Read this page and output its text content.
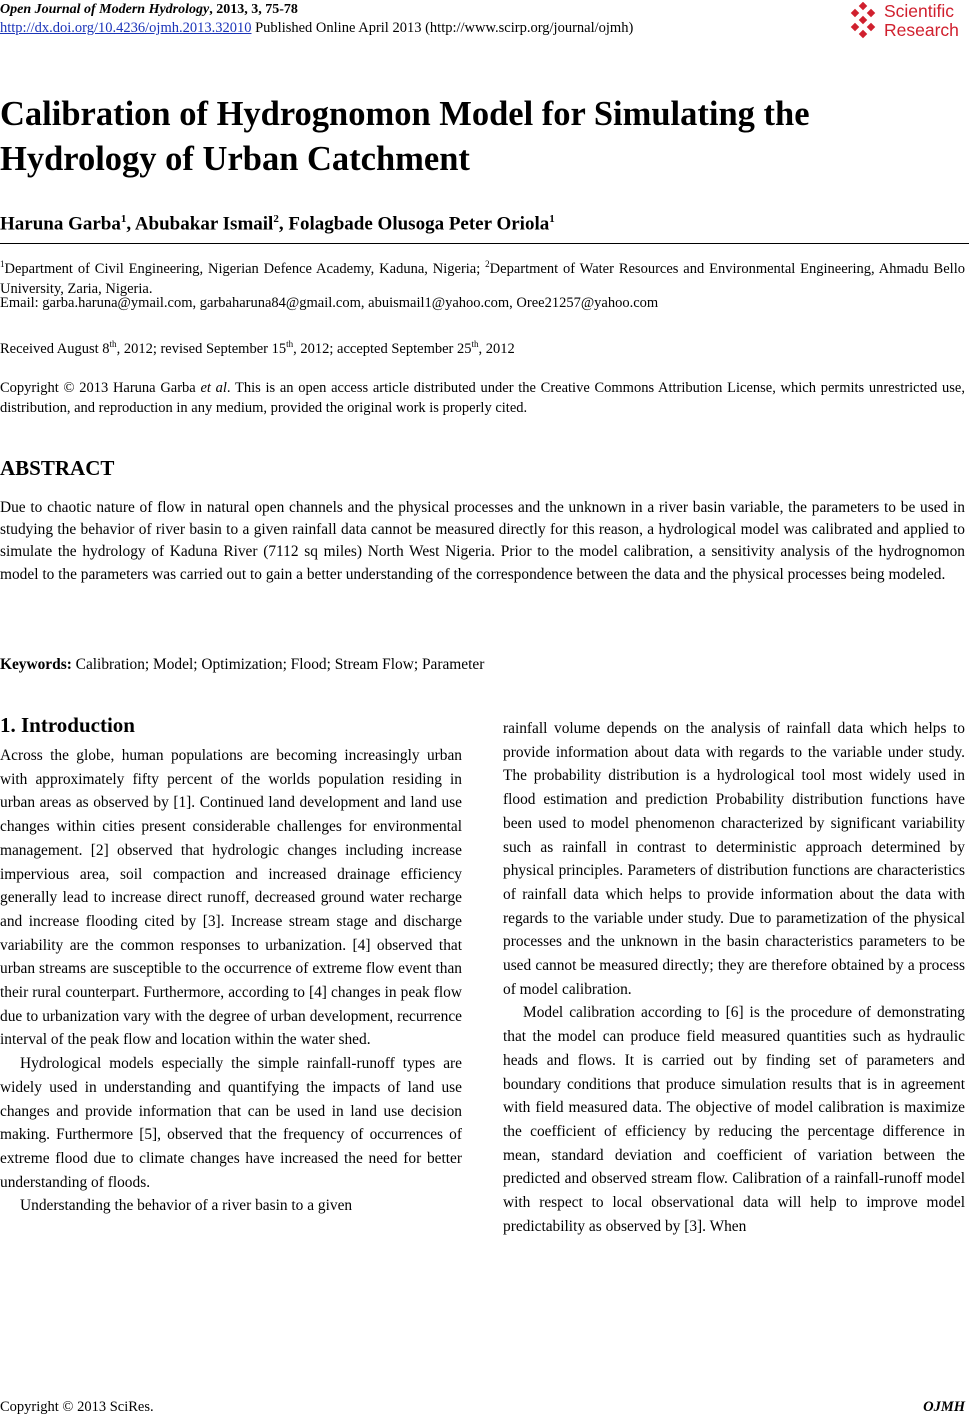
Open Journal of Modern Hydrology, 2013, 3, 75-78
http://dx.doi.org/10.4236/ojmh.2013.32010 Published Online April 2013 (http://www.scirp.org/journal/ojmh)
Scientific
Research
Calibration of Hydrognomon Model for Simulating the Hydrology of Urban Catchment
Haruna Garba$^1$, Abubakar Ismail$^2$, Folagbade Olusoga Peter Oriola$^1$
$^1$Department of Civil Engineering, Nigerian Defence Academy, Kaduna, Nigeria; $^2$Department of Water Resources and Environmental Engineering, Ahmadu Bello University, Zaria, Nigeria.
Email: garba.haruna@ymail.com, garbaharuna84@gmail.com, abuismail1@yahoo.com, Oree21257@yahoo.com
Received August 8th, 2012; revised September 15th, 2012; accepted September 25th, 2012
Copyright © 2013 Haruna Garba et al. This is an open access article distributed under the Creative Commons Attribution License, which permits unrestricted use, distribution, and reproduction in any medium, provided the original work is properly cited.
ABSTRACT
Due to chaotic nature of flow in natural open channels and the physical processes and the unknown in a river basin variable, the parameters to be used in studying the behavior of river basin to a given rainfall data cannot be measured directly for this reason, a hydrological model was calibrated and applied to simulate the hydrology of Kaduna River (7112 sq miles) North West Nigeria. Prior to the model calibration, a sensitivity analysis of the hydrognomon model to the parameters was carried out to gain a better understanding of the correspondence between the data and the physical processes being modeled.
Keywords: Calibration; Model; Optimization; Flood; Stream Flow; Parameter
1. Introduction

Across the globe, human populations are becoming increasingly urban with approximately fifty percent of the worlds population residing in urban areas as observed by [1]. Continued land development and land use changes within cities present considerable challenges for environmental management. [2] observed that hydrologic changes including increase impervious area, soil compaction and increased drainage efficiency generally lead to increase direct runoff, decreased ground water recharge and increase flooding cited by [3]. Increase stream stage and discharge variability are the common responses to urbanization. [4] observed that urban streams are susceptible to the occurrence of extreme flow event than their rural counterpart. Furthermore, according to [4] changes in peak flow due to urbanization vary with the degree of urban development, recurrence interval of the peak flow and location within the water shed.

Hydrological models especially the simple rainfall-runoff types are widely used in understanding and quantifying the impacts of land use changes and provide information that can be used in land use decision making. Furthermore [5], observed that the frequency of occurrences of extreme flood due to climate changes have increased the need for better understanding of floods.

Understanding the behavior of a river basin to a given

rainfall volume depends on the analysis of rainfall data which helps to provide information about data with regards to the variable under study. The probability distribution is a hydrological tool most widely used in flood estimation and prediction Probability distribution functions have been used to model phenomenon characterized by significant variability such as rainfall in contrast to deterministic approach determined by physical principles. Parameters of distribution functions are characteristics of rainfall data which helps to provide information about the data with regards to the variable under study. Due to parametization of the physical processes and the unknown in the basin characteristics parameters to be used cannot be measured directly; they are therefore obtained by a process of model calibration.

Model calibration according to [6] is the procedure of demonstrating that the model can produce field measured quantities such as hydraulic heads and flows. It is carried out by finding set of parameters and boundary conditions that produce simulation results that is in agreement with field measured data. The objective of model calibration is maximize the coefficient of efficiency by reducing the percentage difference in mean, standard deviation and coefficient of variation between the predicted and observed stream flow. Calibration of a rainfall-runoff model with respect to local observational data will help to improve model predictability as observed by [3]. When

Copyright © 2013 SciRes.	OJMH
